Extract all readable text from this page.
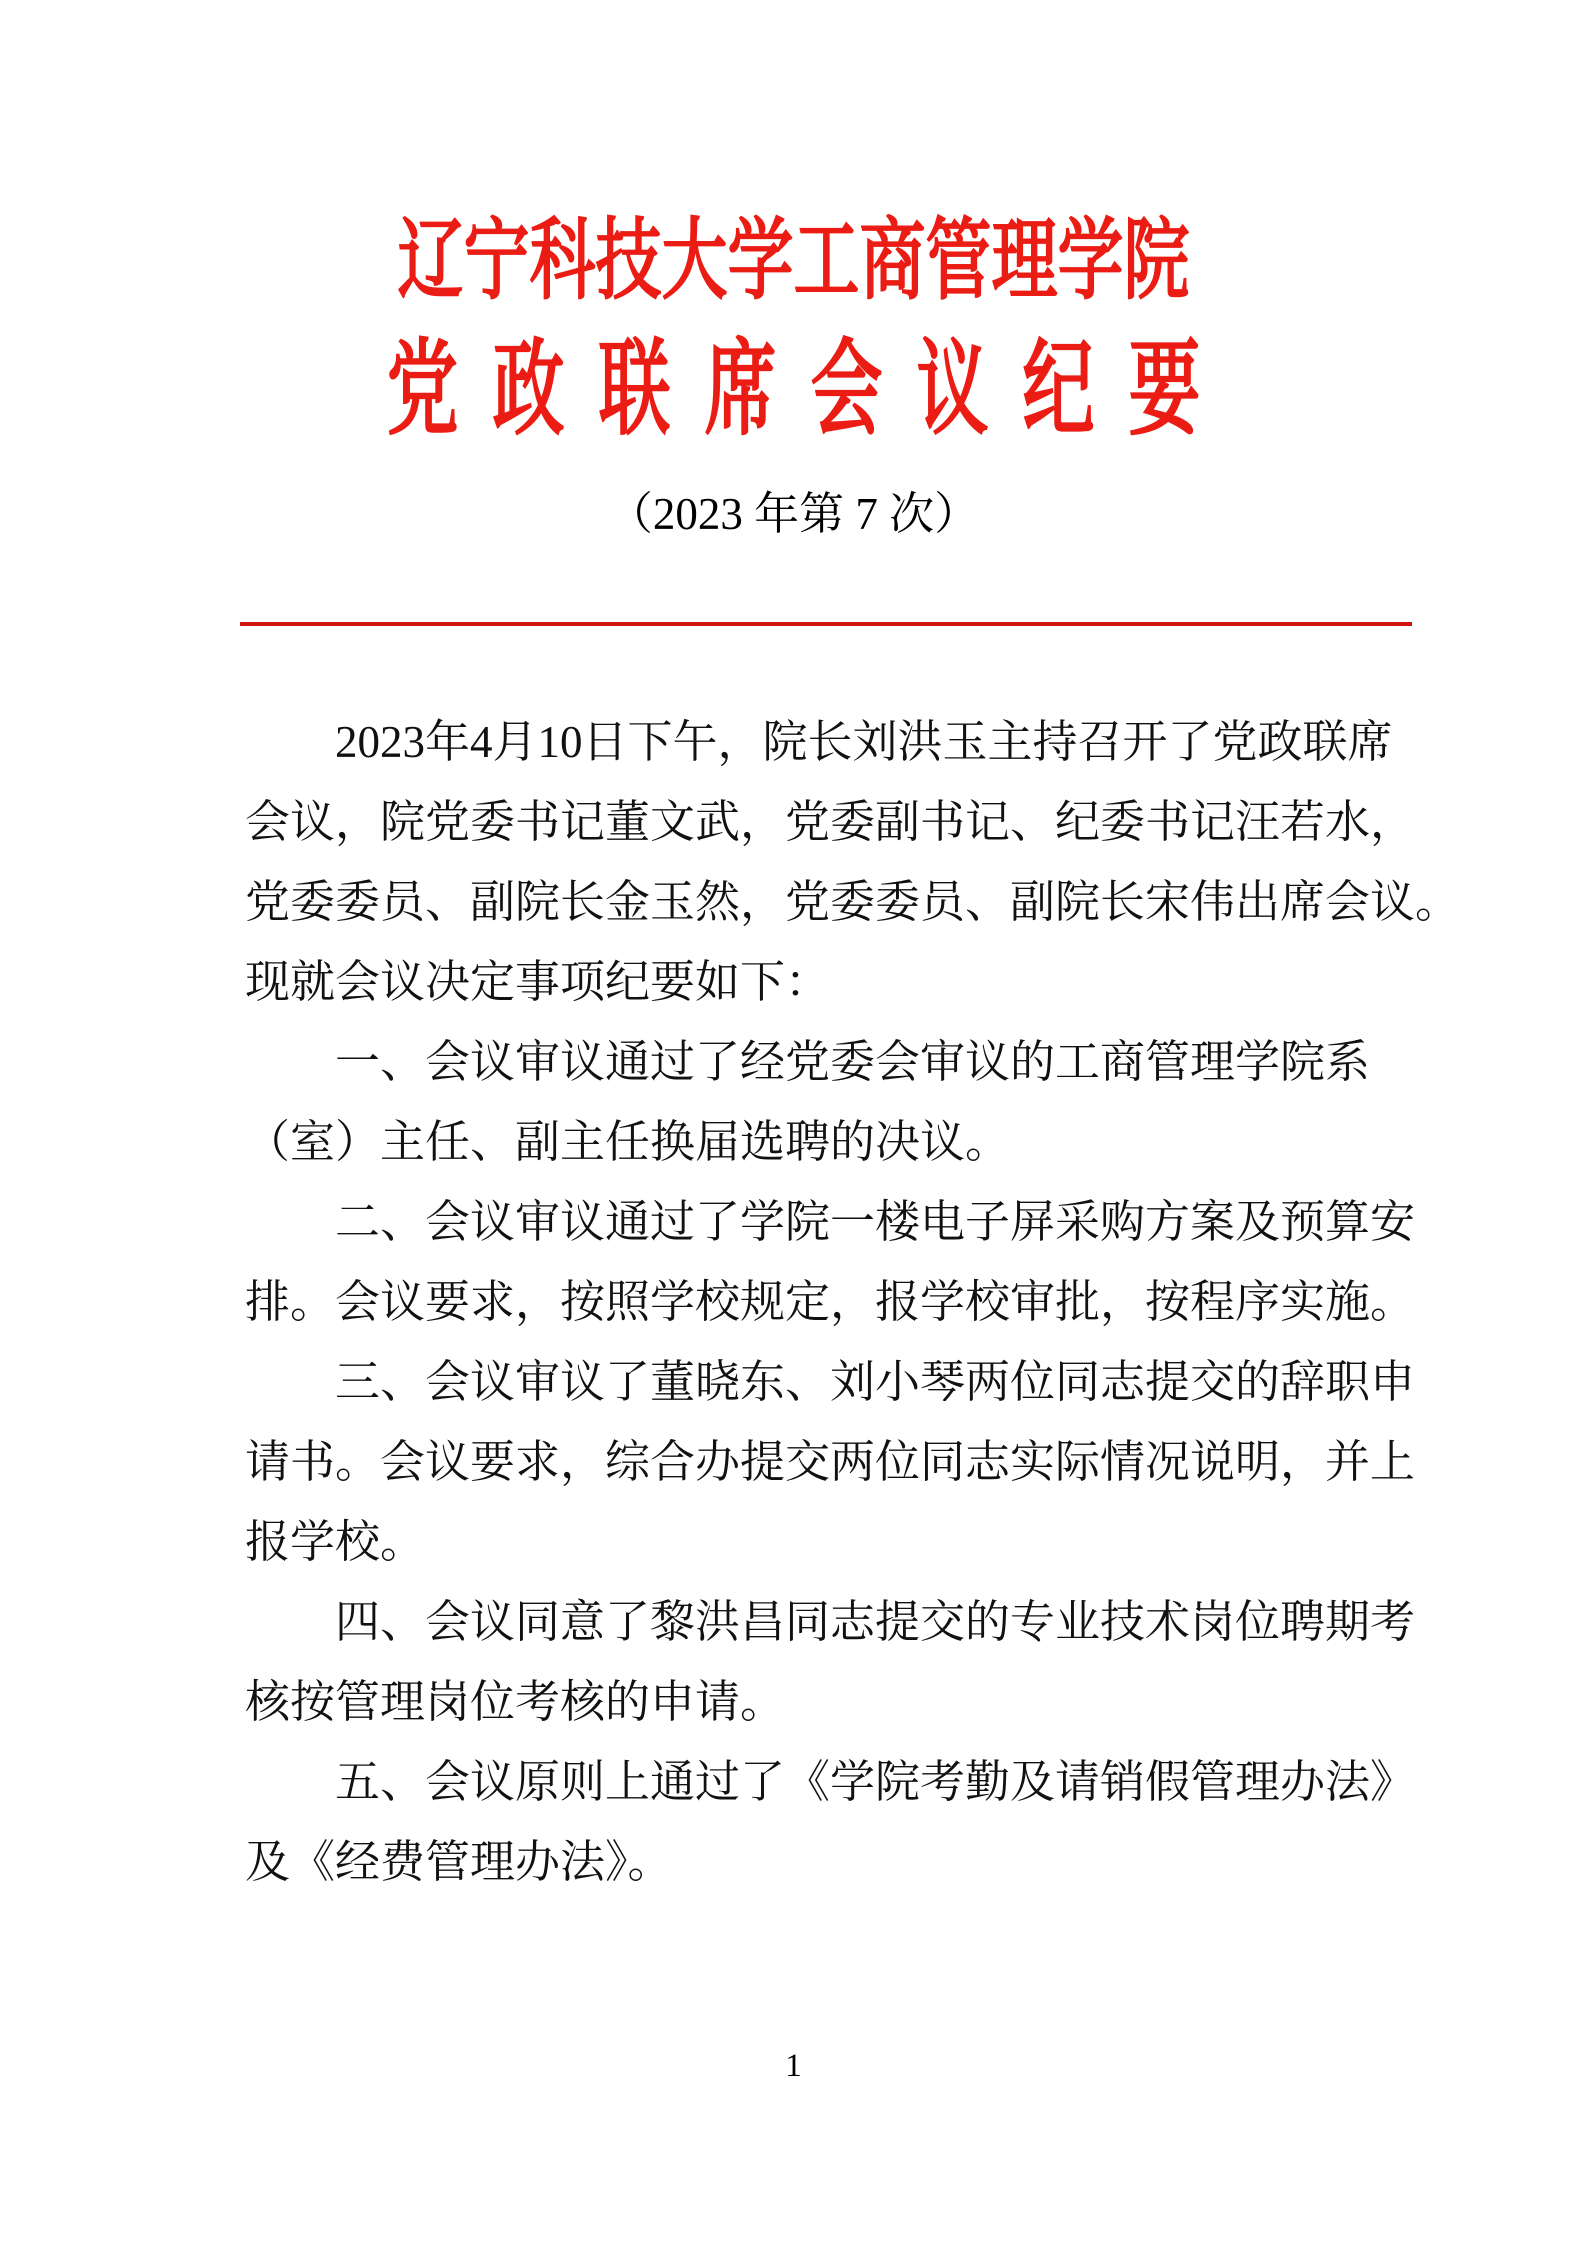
辽宁科技大学工商管理学院
党政联席会议纪要
（2023 年第 7 次）
　　2023年4月10日下午，院长刘洪玉主持召开了党政联席
会议，院党委书记董文武，党委副书记、纪委书记汪若水，
党委委员、副院长金玉然，党委委员、副院长宋伟出席会议。
现就会议决定事项纪要如下：
　　一、会议审议通过了经党委会审议的工商管理学院系
（室）主任、副主任换届选聘的决议。
　　二、会议审议通过了学院一楼电子屏采购方案及预算安
排。会议要求，按照学校规定，报学校审批，按程序实施。
　　三、会议审议了董晓东、刘小琴两位同志提交的辞职申
请书。会议要求，综合办提交两位同志实际情况说明，并上
报学校。
　　四、会议同意了黎洪昌同志提交的专业技术岗位聘期考
核按管理岗位考核的申请。
　　五、会议原则上通过了《学院考勤及请销假管理办法》
及《经费管理办法》。
1
